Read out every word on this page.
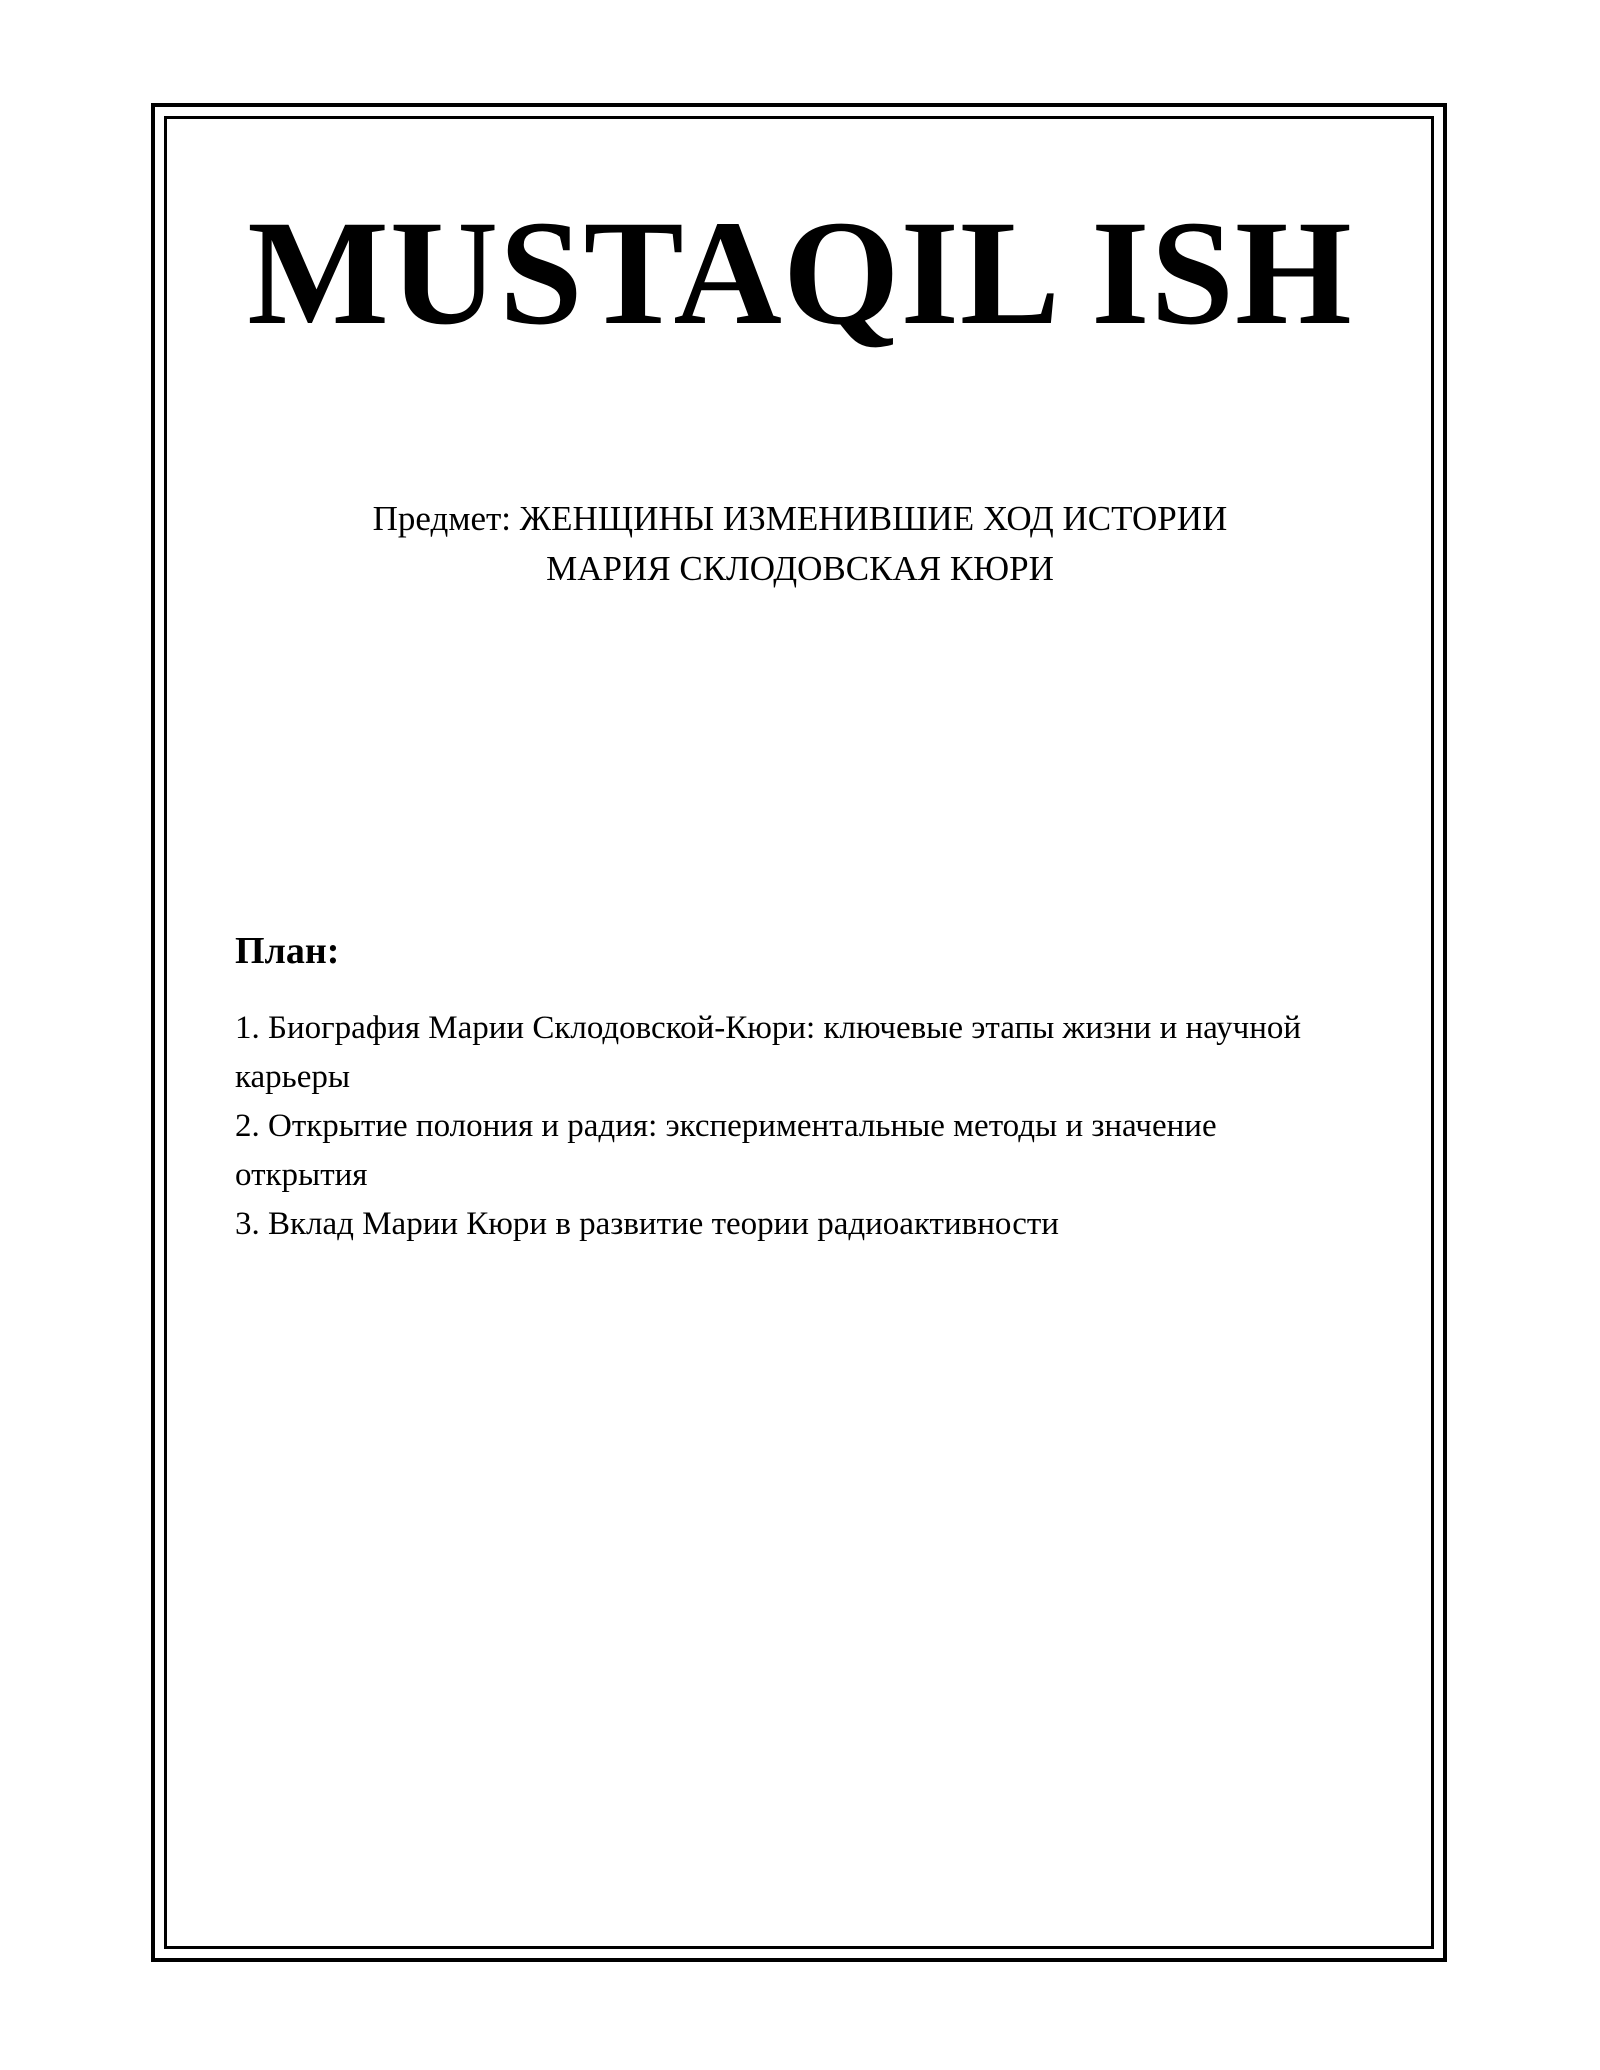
MUSTAQIL ISH
Предмет: ЖЕНЩИНЫ ИЗМЕНИВШИЕ ХОД ИСТОРИИ
МАРИЯ СКЛОДОВСКАЯ КЮРИ
План:
1. Биография Марии Склодовской-Кюри: ключевые этапы жизни и научной карьеры
2. Открытие полония и радия: экспериментальные методы и значение открытия
3. Вклад Марии Кюри в развитие теории радиоактивности
